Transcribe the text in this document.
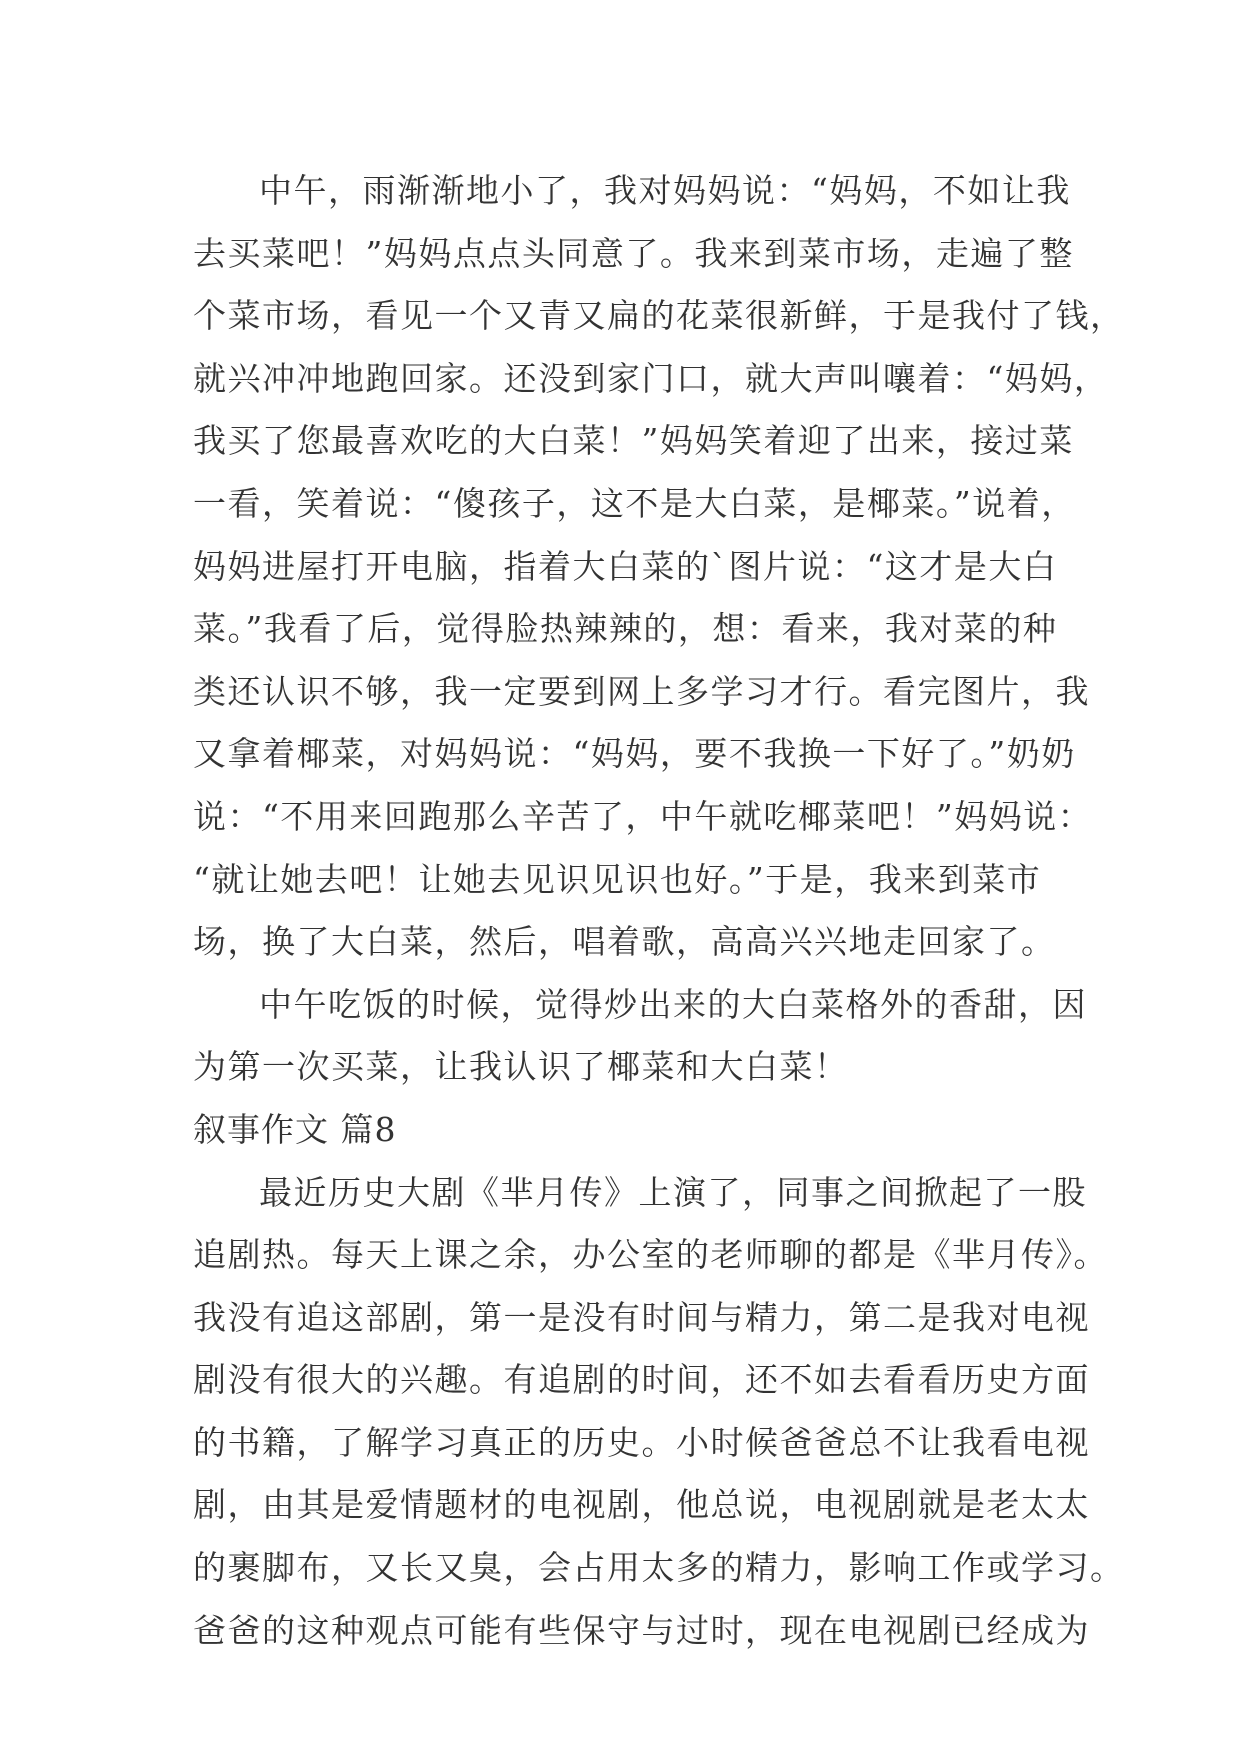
中午，雨渐渐地小了，我对妈妈说：“妈妈，不如让我
去买菜吧！”妈妈点点头同意了。我来到菜市场，走遍了整
个菜市场，看见一个又青又扁的花菜很新鲜，于是我付了钱，
就兴冲冲地跑回家。还没到家门口，就大声叫嚷着：“妈妈，
我买了您最喜欢吃的大白菜！”妈妈笑着迎了出来，接过菜
一看，笑着说：“傻孩子，这不是大白菜，是椰菜。”说着，
妈妈进屋打开电脑，指着大白菜的`图片说：“这才是大白
菜。”我看了后，觉得脸热辣辣的，想：看来，我对菜的种
类还认识不够，我一定要到网上多学习才行。看完图片，我
又拿着椰菜，对妈妈说：“妈妈，要不我换一下好了。”奶奶
说：“不用来回跑那么辛苦了，中午就吃椰菜吧！”妈妈说：
“就让她去吧！让她去见识见识也好。”于是，我来到菜市
场，换了大白菜，然后，唱着歌，高高兴兴地走回家了。
中午吃饭的时候，觉得炒出来的大白菜格外的香甜，因
为第一次买菜，让我认识了椰菜和大白菜！
叙事作文 篇8
最近历史大剧《芈月传》上演了，同事之间掀起了一股
追剧热。每天上课之余，办公室的老师聊的都是《芈月传》。
我没有追这部剧，第一是没有时间与精力，第二是我对电视
剧没有很大的兴趣。有追剧的时间，还不如去看看历史方面
的书籍，了解学习真正的历史。小时候爸爸总不让我看电视
剧，由其是爱情题材的电视剧，他总说，电视剧就是老太太
的裹脚布，又长又臭，会占用太多的精力，影响工作或学习。
爸爸的这种观点可能有些保守与过时，现在电视剧已经成为
